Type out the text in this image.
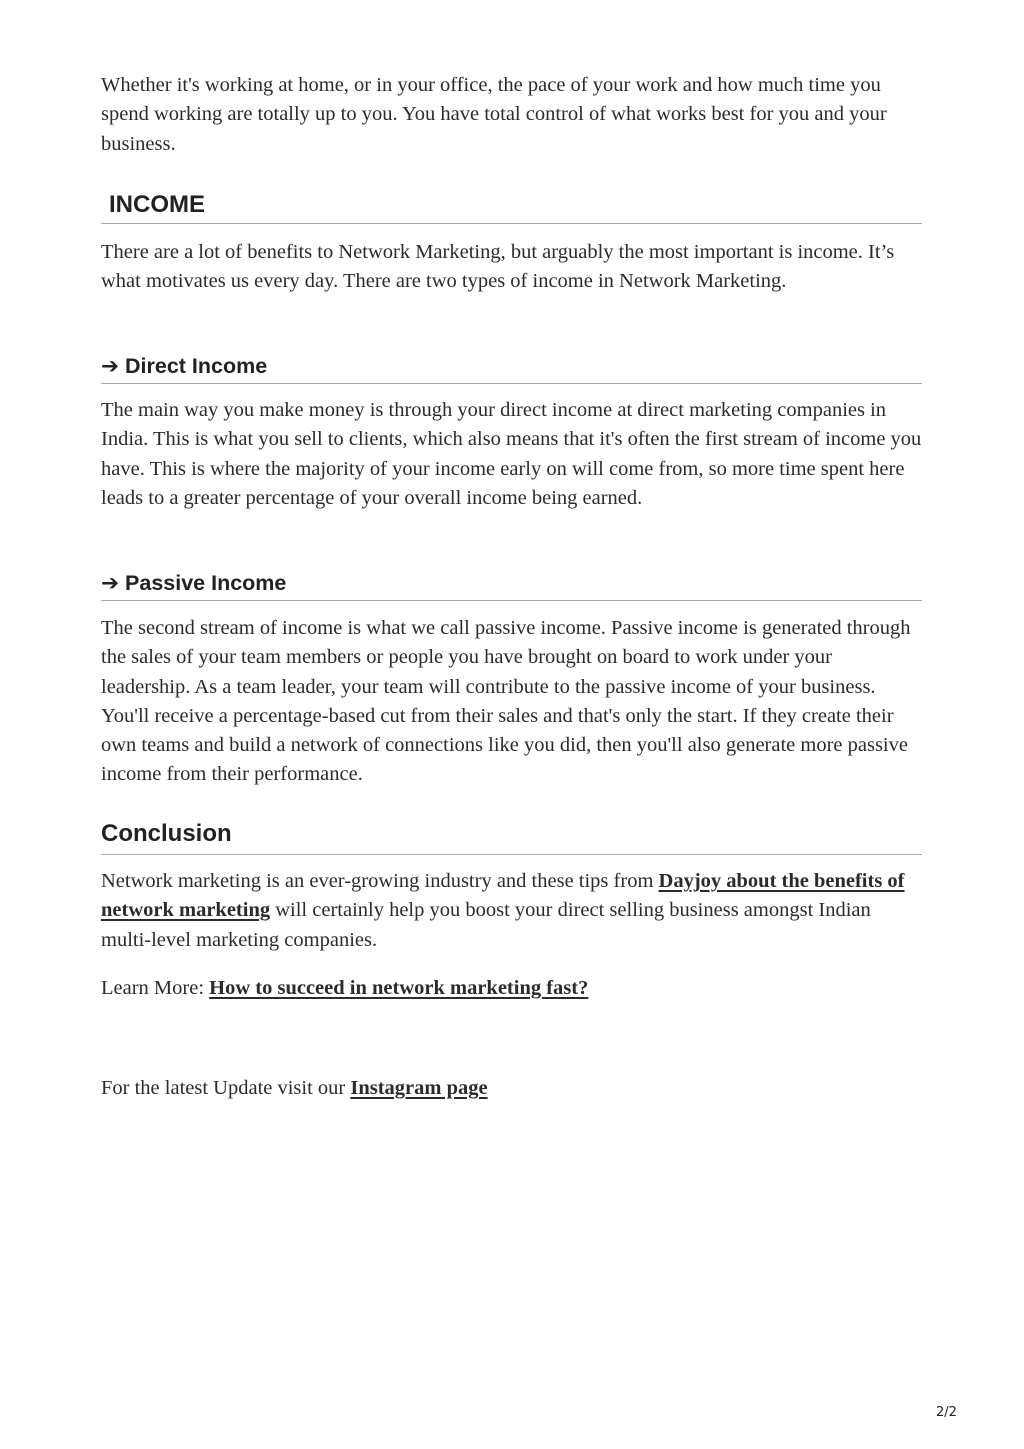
Whether it's working at home, or in your office, the pace of your work and how much time you spend working are totally up to you. You have total control of what works best for you and your business.

INCOME

There are a lot of benefits to Network Marketing, but arguably the most important is income. It’s what motivates us every day. There are two types of income in Network Marketing.

➔ Direct Income

The main way you make money is through your direct income at direct marketing companies in India. This is what you sell to clients, which also means that it's often the first stream of income you have. This is where the majority of your income early on will come from, so more time spent here leads to a greater percentage of your overall income being earned.

➔ Passive Income

The second stream of income is what we call passive income. Passive income is generated through the sales of your team members or people you have brought on board to work under your leadership. As a team leader, your team will contribute to the passive income of your business. You'll receive a percentage-based cut from their sales and that's only the start. If they create their own teams and build a network of connections like you did, then you'll also generate more passive income from their performance.

Conclusion

Network marketing is an ever-growing industry and these tips from Dayjoy about the benefits of network marketing will certainly help you boost your direct selling business amongst Indian multi-level marketing companies.

Learn More: How to succeed in network marketing fast?

For the latest Update visit our Instagram page

2/2
